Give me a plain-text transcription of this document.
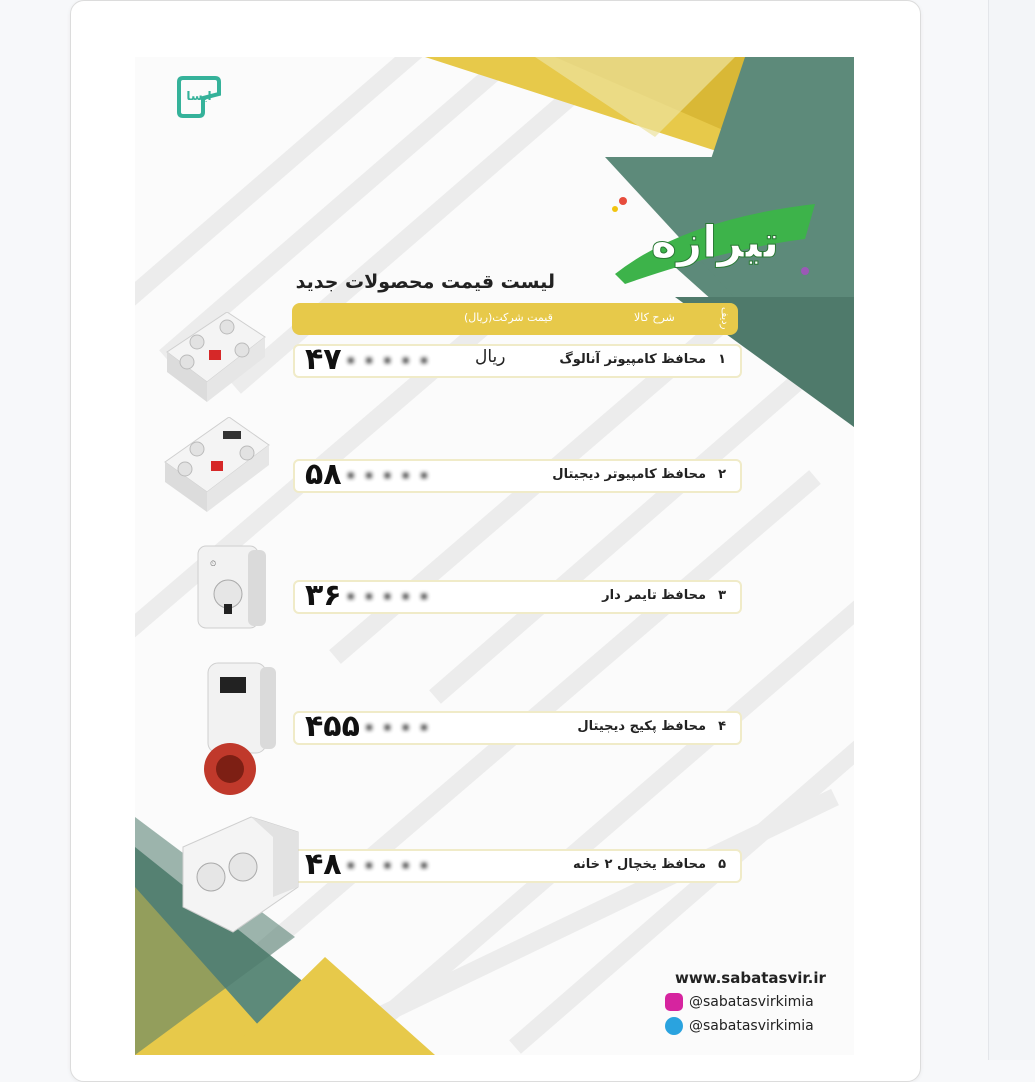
ایسا
تیرازه
لیست قیمت محصولات جدید
قیمت شرکت(ریال)	شرح کالا	ردیف
۱
محافظ کامپیوتر آنالوگ
ریال
۴۷۰۰۰۰۰
۲
محافظ کامپیوتر دیجیتال
۵۸۰۰۰۰۰
۳
محافظ تایمر دار
۳۶۰۰۰۰۰
۴
محافظ پکیج دیجیتال
۴۵۵۰۰۰۰
۵
محافظ یخچال ۲ خانه
۴۸۰۰۰۰۰
⏲
www.sabatasvir.ir
@sabatasvirkimia
@sabatasvirkimia
